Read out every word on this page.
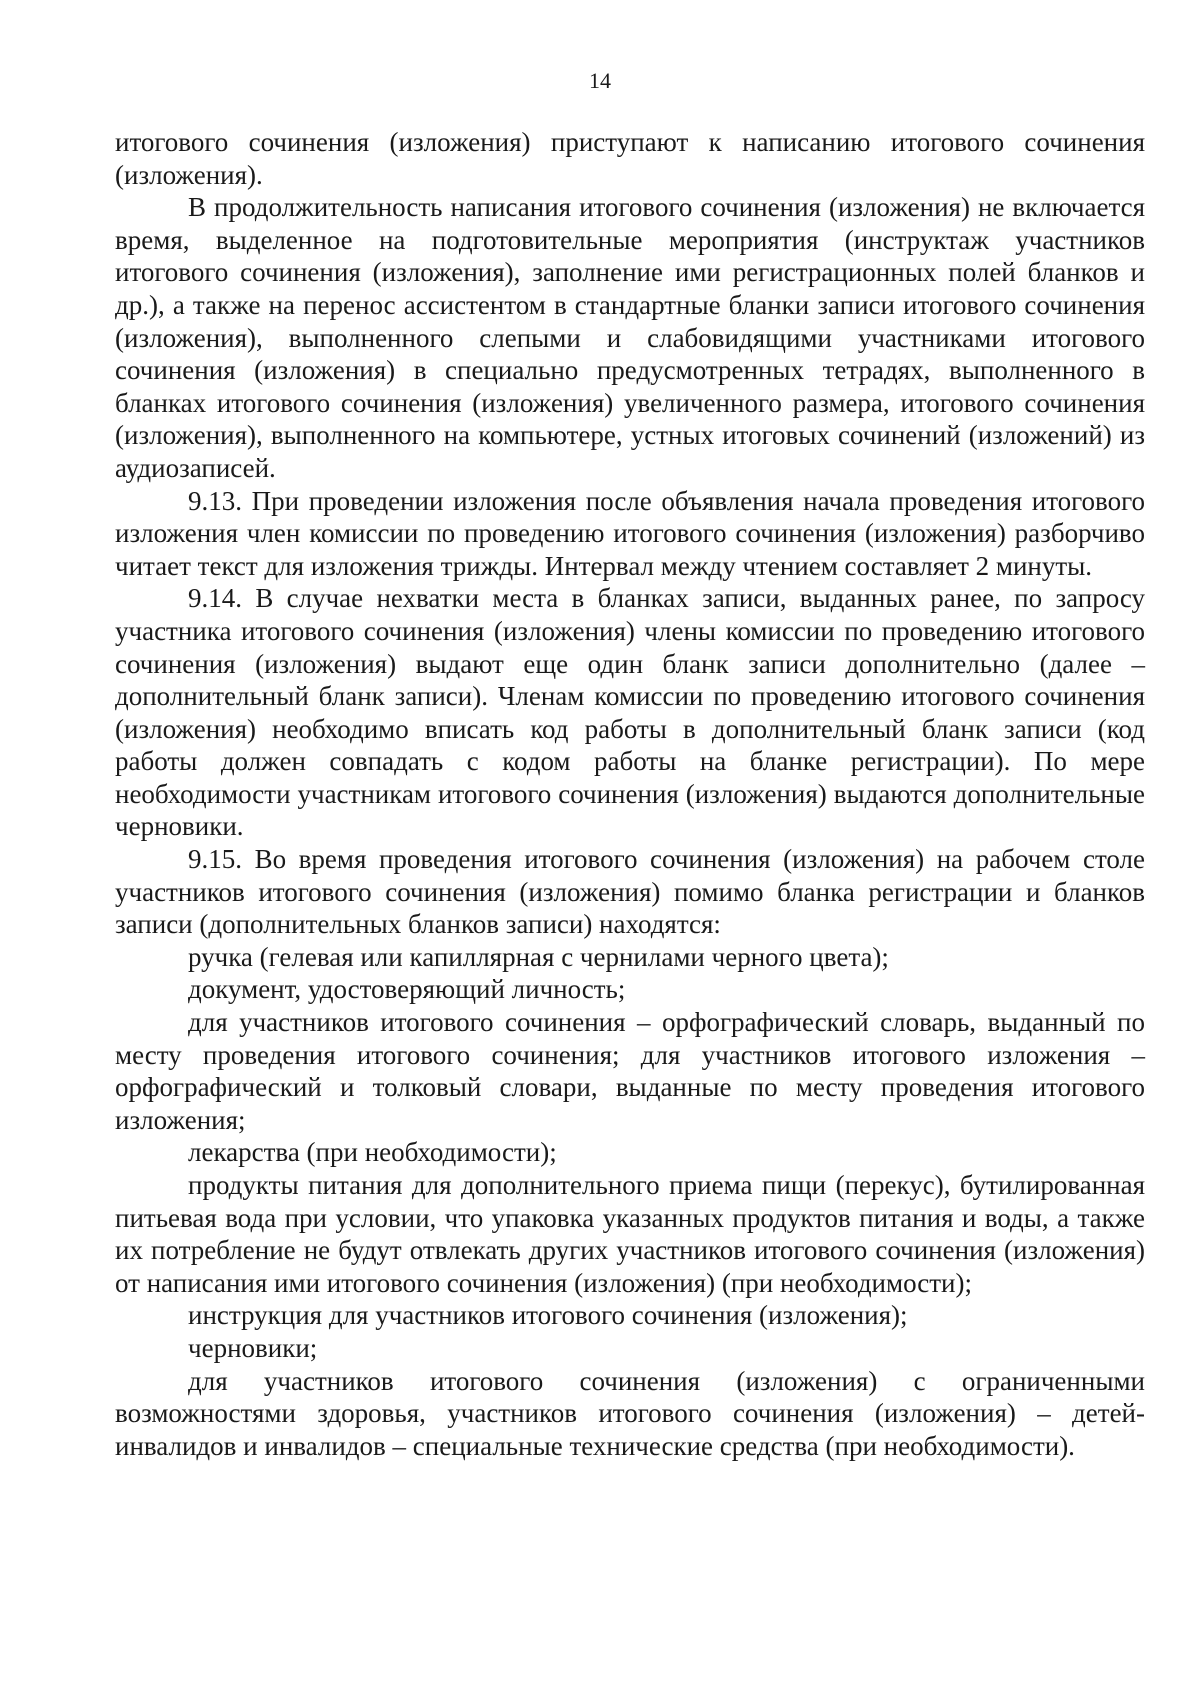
14

итогового сочинения (изложения) приступают к написанию итогового сочинения (изложения).

В продолжительность написания итогового сочинения (изложения) не включается время, выделенное на подготовительные мероприятия (инструктаж участников итогового сочинения (изложения), заполнение ими регистрационных полей бланков и др.), а также на перенос ассистентом в стандартные бланки записи итогового сочинения (изложения), выполненного слепыми и слабовидящими участниками итогового сочинения (изложения) в специально предусмотренных тетрадях, выполненного в бланках итогового сочинения (изложения) увеличенного размера, итогового сочинения (изложения), выполненного на компьютере, устных итоговых сочинений (изложений) из аудиозаписей.

9.13. При проведении изложения после объявления начала проведения итогового изложения член комиссии по проведению итогового сочинения (изложения) разборчиво читает текст для изложения трижды. Интервал между чтением составляет 2 минуты.

9.14. В случае нехватки места в бланках записи, выданных ранее, по запросу участника итогового сочинения (изложения) члены комиссии по проведению итогового сочинения (изложения) выдают еще один бланк записи дополнительно (далее – дополнительный бланк записи). Членам комиссии по проведению итогового сочинения (изложения) необходимо вписать код работы в дополнительный бланк записи (код работы должен совпадать с кодом работы на бланке регистрации). По мере необходимости участникам итогового сочинения (изложения) выдаются дополнительные черновики.

9.15. Во время проведения итогового сочинения (изложения) на рабочем столе участников итогового сочинения (изложения) помимо бланка регистрации и бланков записи (дополнительных бланков записи) находятся:

ручка (гелевая или капиллярная с чернилами черного цвета);

документ, удостоверяющий личность;

для участников итогового сочинения – орфографический словарь, выданный по месту проведения итогового сочинения; для участников итогового изложения – орфографический и толковый словари, выданные по месту проведения итогового изложения;

лекарства (при необходимости);

продукты питания для дополнительного приема пищи (перекус), бутилированная питьевая вода при условии, что упаковка указанных продуктов питания и воды, а также их потребление не будут отвлекать других участников итогового сочинения (изложения) от написания ими итогового сочинения (изложения) (при необходимости);

инструкция для участников итогового сочинения (изложения);

черновики;

для участников итогового сочинения (изложения) с ограниченными возможностями здоровья, участников итогового сочинения (изложения) – детей-инвалидов и инвалидов – специальные технические средства (при необходимости).
